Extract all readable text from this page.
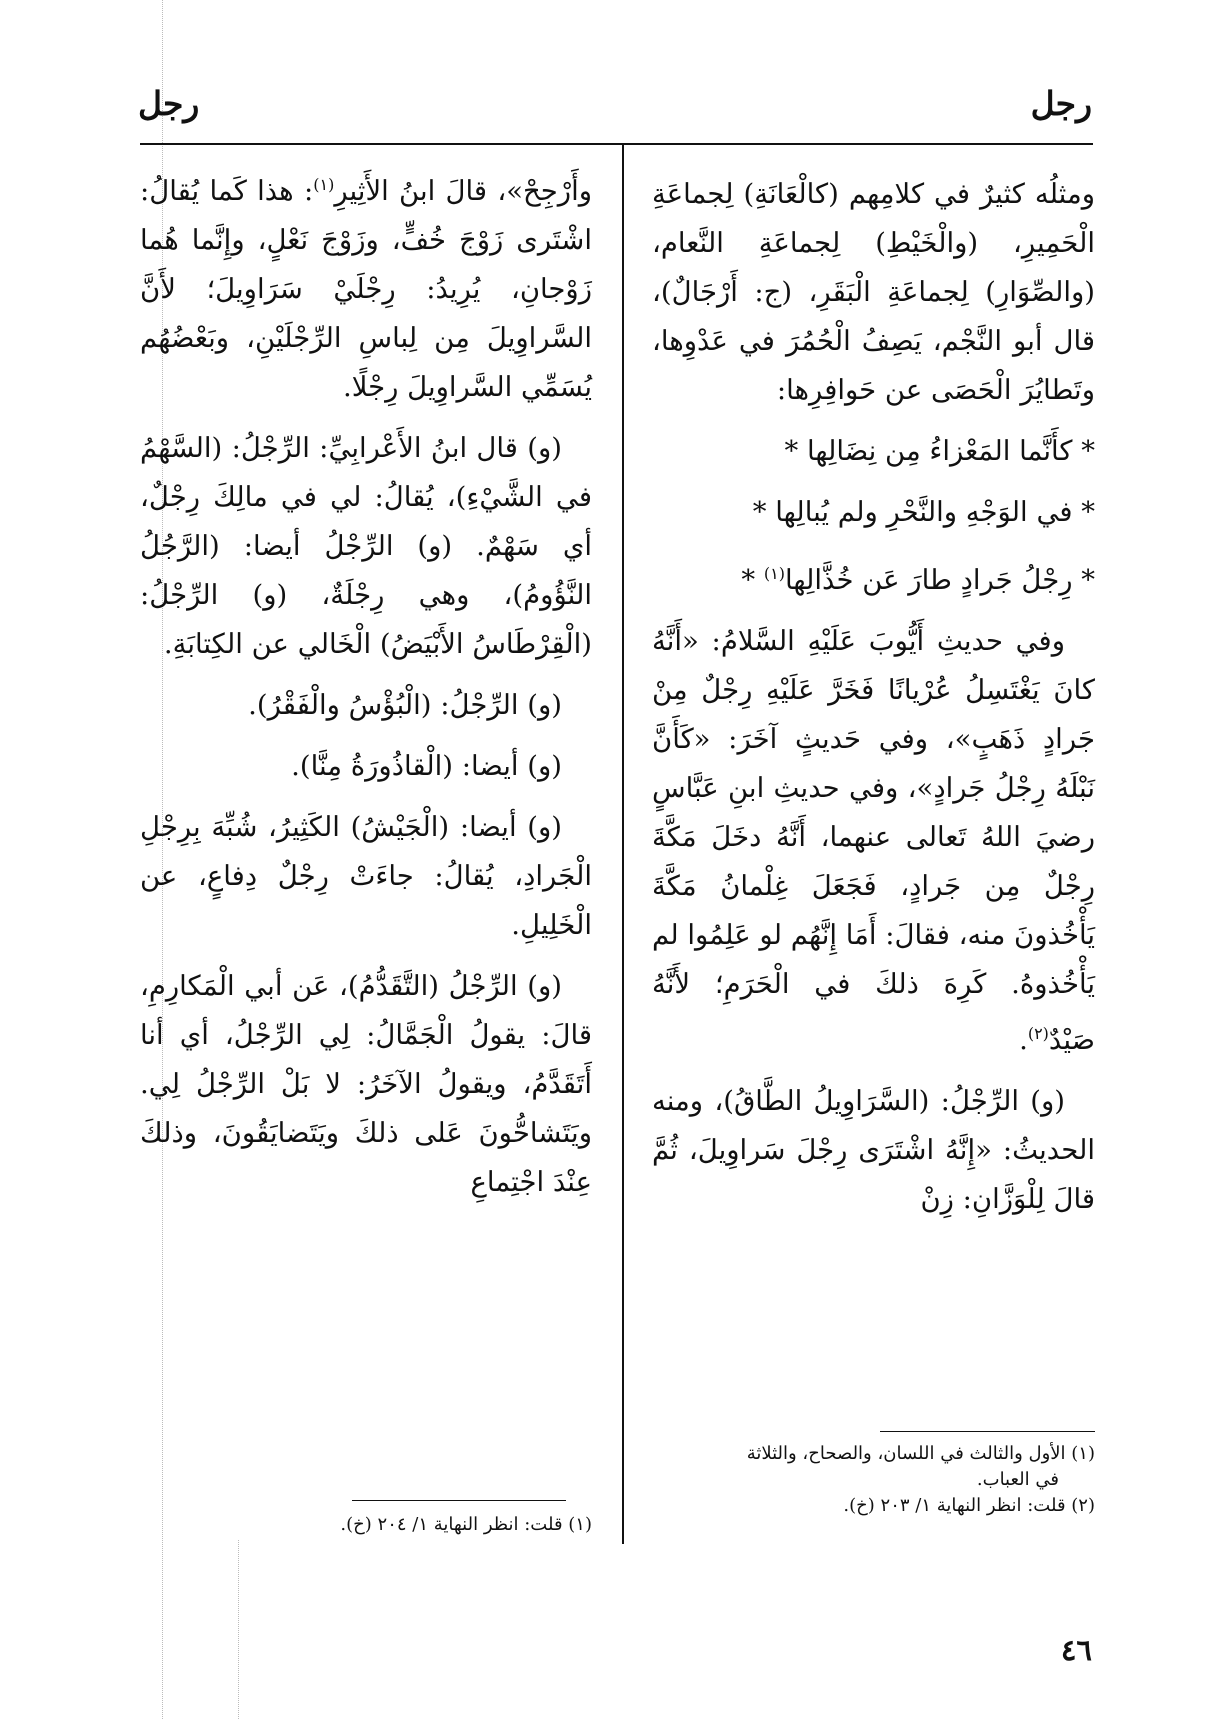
رجل
رجل

ومثلُه كثيرٌ في كلامِهم (كالْعَانَةِ) لِجماعَةِ الْحَمِيرِ، (والْخَيْطِ) لِجماعَةِ النَّعام، (والصِّوَارِ) لِجماعَةِ الْبَقَرِ، (ج: أَرْجَالٌ)، قال أبو النَّجْم، يَصِفُ الْحُمُرَ في عَدْوِها، وتَطايُرَ الْحَصَى عن حَوافِرِها:

* كأَنَّما المَعْزاءُ مِن نِضَالِها *

* في الوَجْهِ والنَّحْرِ ولم يُبالِها *

* رِجْلُ جَرادٍ طارَ عَن خُذَّالِها$^{(١)}$ *

وفي حديثِ أَيُّوبَ عَلَيْهِ السَّلامُ: «أَنَّهُ كانَ يَغْتَسِلُ عُرْيانًا فَخَرَّ عَلَيْهِ رِجْلٌ مِنْ جَرادٍ ذَهَبٍ»، وفي حَديثٍ آخَرَ: «كَأَنَّ نَبْلَهُ رِجْلُ جَرادٍ»، وفي حديثِ ابنِ عَبَّاسٍ رضيَ اللهُ تَعالى عنهما، أَنَّهُ دخَلَ مَكَّةَ رِجْلٌ مِن جَرادٍ، فَجَعَلَ غِلْمانُ مَكَّةَ يَأْخُذونَ منه، فقالَ: أَمَا إِنَّهُم لو عَلِمُوا لم يَأْخُذوهُ. كَرِهَ ذلكَ في الْحَرَمِ؛ لأَنَّهُ صَيْدٌ$^{(٢)}$.

(و) الرِّجْلُ: (السَّرَاوِيلُ الطَّاقُ)، ومنه الحديثُ: «إِنَّهُ اشْتَرَى رِجْلَ سَراوِيلَ، ثُمَّ قالَ لِلْوَزَّانِ: زِنْ

وأَرْجِحْ»، قالَ ابنُ الأَثِيرِ$^{(١)}$: هذا كَما يُقالُ: اشْتَرى زَوْجَ خُفٍّ، وزَوْجَ نَعْلٍ، وإِنَّما هُما زَوْجانِ، يُرِيدُ: رِجْلَيْ سَرَاوِيلَ؛ لأَنَّ السَّراوِيلَ مِن لِباسِ الرِّجْلَيْنِ، وبَعْضُهُم يُسَمِّي السَّراوِيلَ رِجْلًا.

(و) قال ابنُ الأَعْرابِيِّ: الرِّجْلُ: (السَّهْمُ في الشَّيْءِ)، يُقالُ: لي في مالِكَ رِجْلٌ، أي سَهْمٌ. (و) الرِّجْلُ أيضا: (الرَّجُلُ النَّؤُومُ)، وهي رِجْلَةٌ، (و) الرِّجْلُ: (الْقِرْطَاسُ الأَبْيَضُ) الْخَالي عن الكِتابَةِ.

(و) الرِّجْلُ: (الْبُؤْسُ والْفَقْرُ).

(و) أيضا: (الْقاذُورَةُ مِنَّا).

(و) أيضا: (الْجَيْشُ) الكَثِيرُ، شُبِّهَ بِرِجْلِ الْجَرادِ، يُقالُ: جاءَتْ رِجْلٌ دِفاعٍ، عن الْخَلِيلِ.

(و) الرِّجْلُ (التَّقَدُّمُ)، عَن أبي الْمَكارِمِ، قالَ: يقولُ الْجَمَّالُ: لِي الرِّجْلُ، أي أنا أَتَقَدَّمُ، ويقولُ الآخَرُ: لا بَلْ الرِّجْلُ لِي. ويَتَشاحُّونَ عَلى ذلكَ ويَتَضايَقُونَ، وذلكَ عِنْدَ اجْتِماعِ

(١) الأول والثالث في اللسان، والصحاح، والثلاثة
في العباب.
(٢) قلت: انظر النهاية ١/ ٢٠٣ (خ).
(١) قلت: انظر النهاية ١/ ٢٠٤ (خ).
٤٦
